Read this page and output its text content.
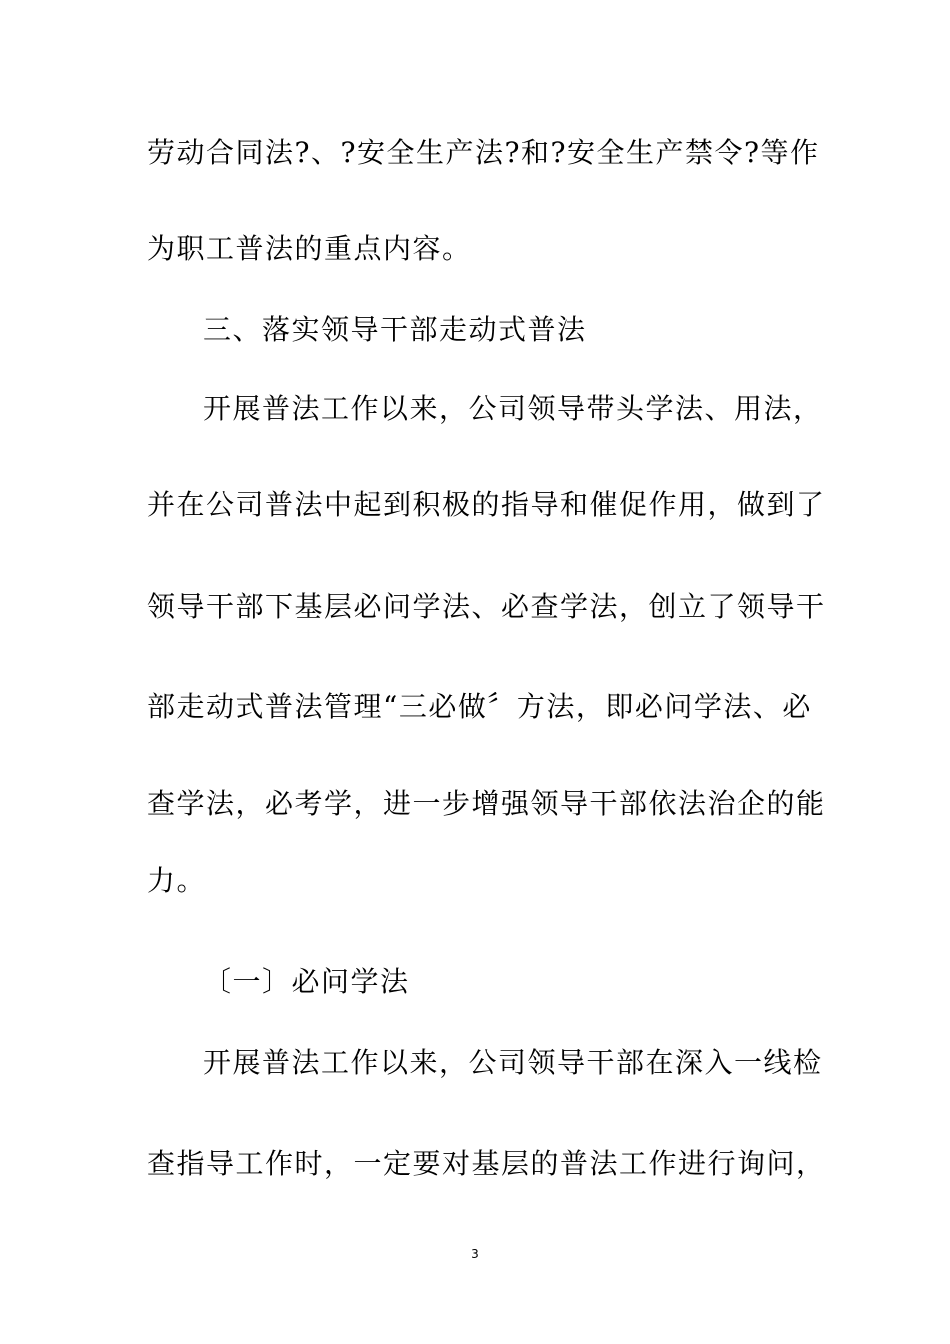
劳动合同法?、?安全生产法?和?安全生产禁令?等作
为职工普法的重点内容。
三、落实领导干部走动式普法
开展普法工作以来，公司领导带头学法、用法，
并在公司普法中起到积极的指导和催促作用，做到了
领导干部下基层必问学法、必查学法，创立了领导干
部走动式普法管理“三必做〞方法，即必问学法、必
查学法，必考学，进一步增强领导干部依法治企的能
力。
〔一〕必问学法
开展普法工作以来，公司领导干部在深入一线检
查指导工作时，一定要对基层的普法工作进行询问，
3
